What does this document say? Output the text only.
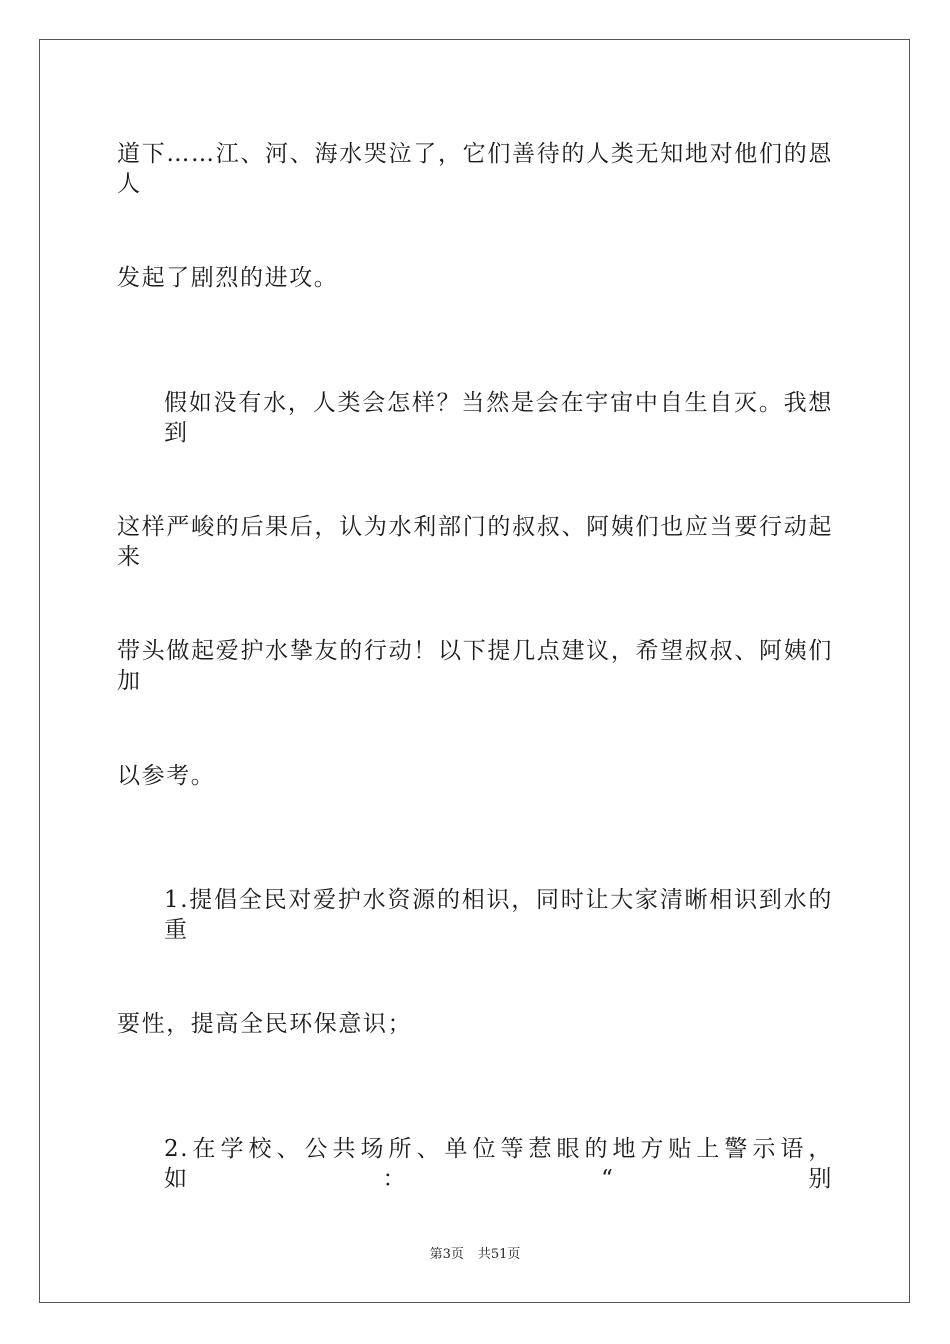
道下……江、河、海水哭泣了，它们善待的人类无知地对他们的恩人
发起了剧烈的进攻。
假如没有水，人类会怎样？当然是会在宇宙中自生自灭。我想到
这样严峻的后果后，认为水利部门的叔叔、阿姨们也应当要行动起来
带头做起爱护水挚友的行动！以下提几点建议，希望叔叔、阿姨们加
以参考。
1.提倡全民对爱护水资源的相识，同时让大家清晰相识到水的重
要性，提高全民环保意识；
2.在学校、公共场所、单位等惹眼的地方贴上警示语，如：“别
第3页 共51页
